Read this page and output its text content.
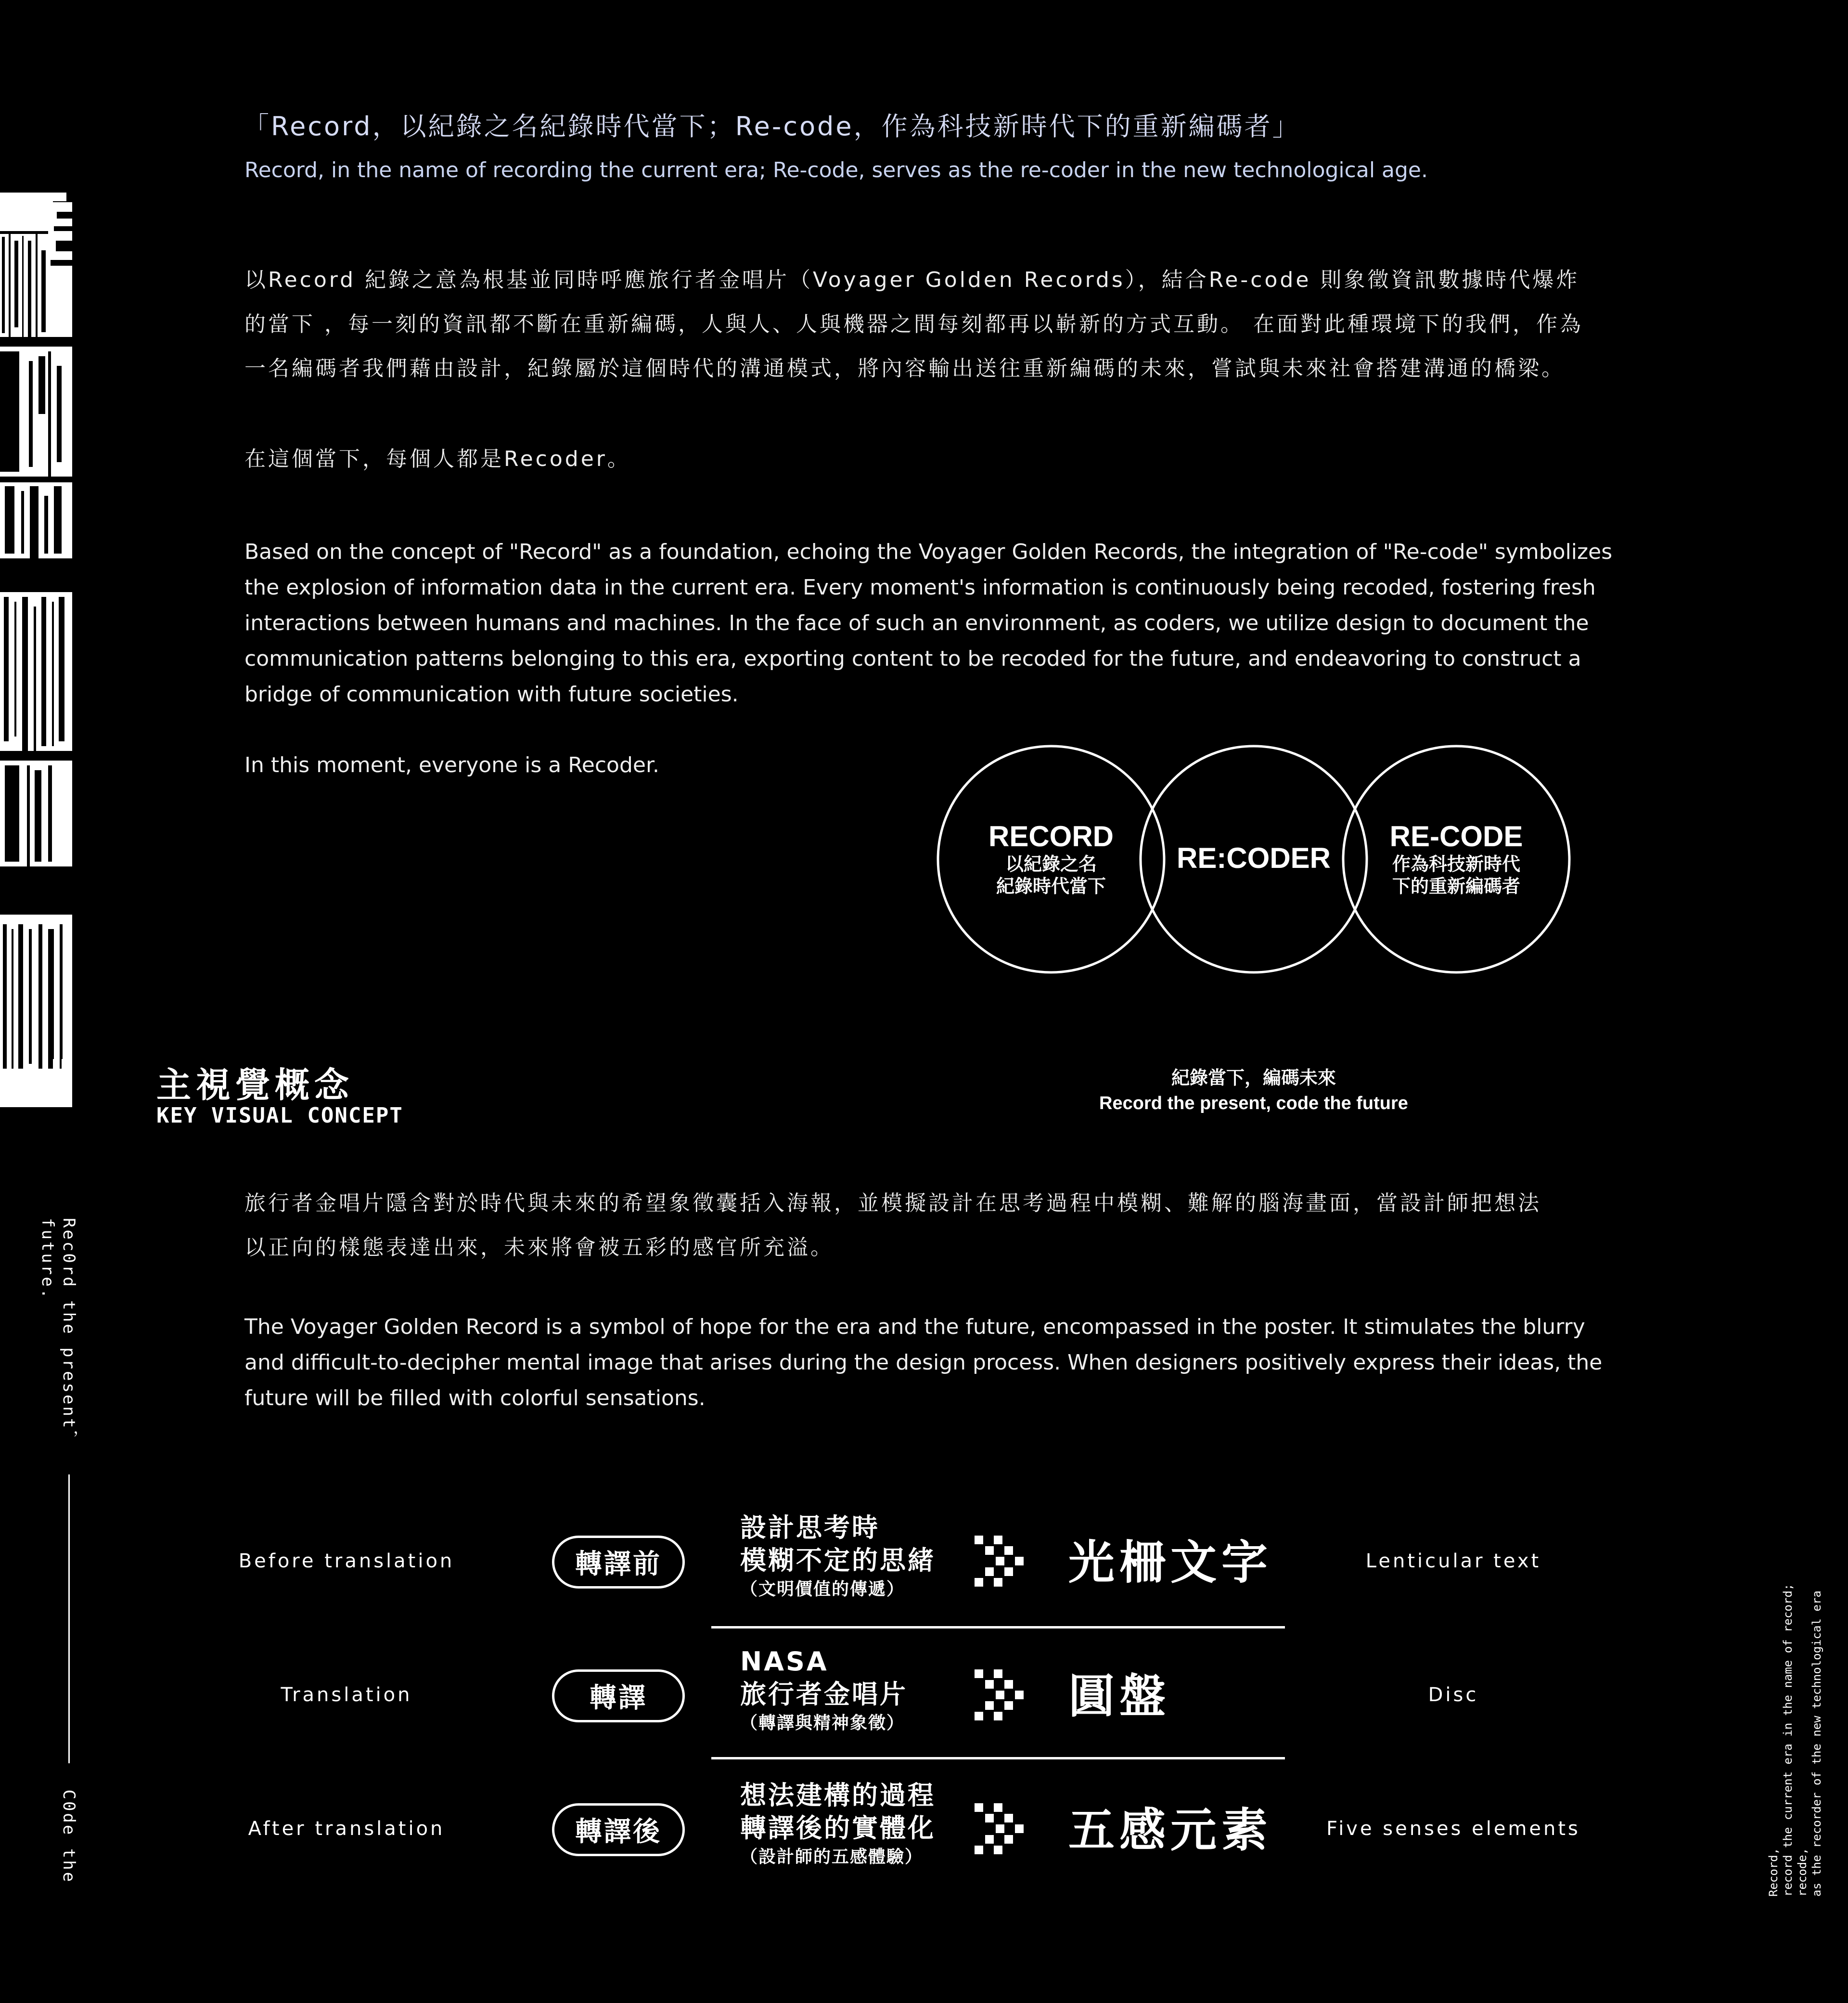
Rec0rd the present，  C0de the future.
Record, record the current era in the name of record; recode, as the recorder of the new technological era
「Record，以紀錄之名紀錄時代當下；Re-code，作為科技新時代下的重新編碼者」
Record, in the name of recording the current era; Re-code, serves as the re-coder in the new technological age.
以Record 紀錄之意為根基並同時呼應旅行者金唱片（Voyager Golden Records），結合Re-code 則象徵資訊數據時代爆炸
的當下 ，每一刻的資訊都不斷在重新編碼，人與人、人與機器之間每刻都再以嶄新的方式互動。 在面對此種環境下的我們，作為
一名編碼者我們藉由設計，紀錄屬於這個時代的溝通模式，將內容輸出送往重新編碼的未來，嘗試與未來社會搭建溝通的橋梁。
在這個當下，每個人都是Recoder。
Based on the concept of "Record" as a foundation, echoing the Voyager Golden Records, the integration of "Re-code" symbolizes
the explosion of information data in the current era. Every moment's information is continuously being recoded, fostering fresh
interactions between humans and machines. In the face of such an environment, as coders, we utilize design to document the
communication patterns belonging to this era, exporting content to be recoded for the future, and endeavoring to construct a
bridge of communication with future societies.
In this moment, everyone is a Recoder.
RECORD
以紀錄之名
紀錄時代當下
RE:CODER
RE-CODE
作為科技新時代
下的重新編碼者
紀錄當下，編碼未來
Record the present, code the future
主視覺概念
KEY VISUAL CONCEPT
旅行者金唱片隱含對於時代與未來的希望象徵囊括入海報，並模擬設計在思考過程中模糊、難解的腦海畫面，當設計師把想法
以正向的樣態表達出來，未來將會被五彩的感官所充溢。
The Voyager Golden Record is a symbol of hope for the era and the future, encompassed in the poster. It stimulates the blurry
and difficult-to-decipher mental image that arises during the design process. When designers positively express their ideas, the
future will be filled with colorful sensations.
Before translation	轉譯前
設計思考時
模糊不定的思緒
（文明價值的傳遞）	光柵文字	Lenticular text
Translation	轉譯
NASA
旅行者金唱片
（轉譯與精神象徵）	圓盤	Disc
After translation	轉譯後
想法建構的過程
轉譯後的實體化
（設計師的五感體驗）	五感元素	Five senses elements
